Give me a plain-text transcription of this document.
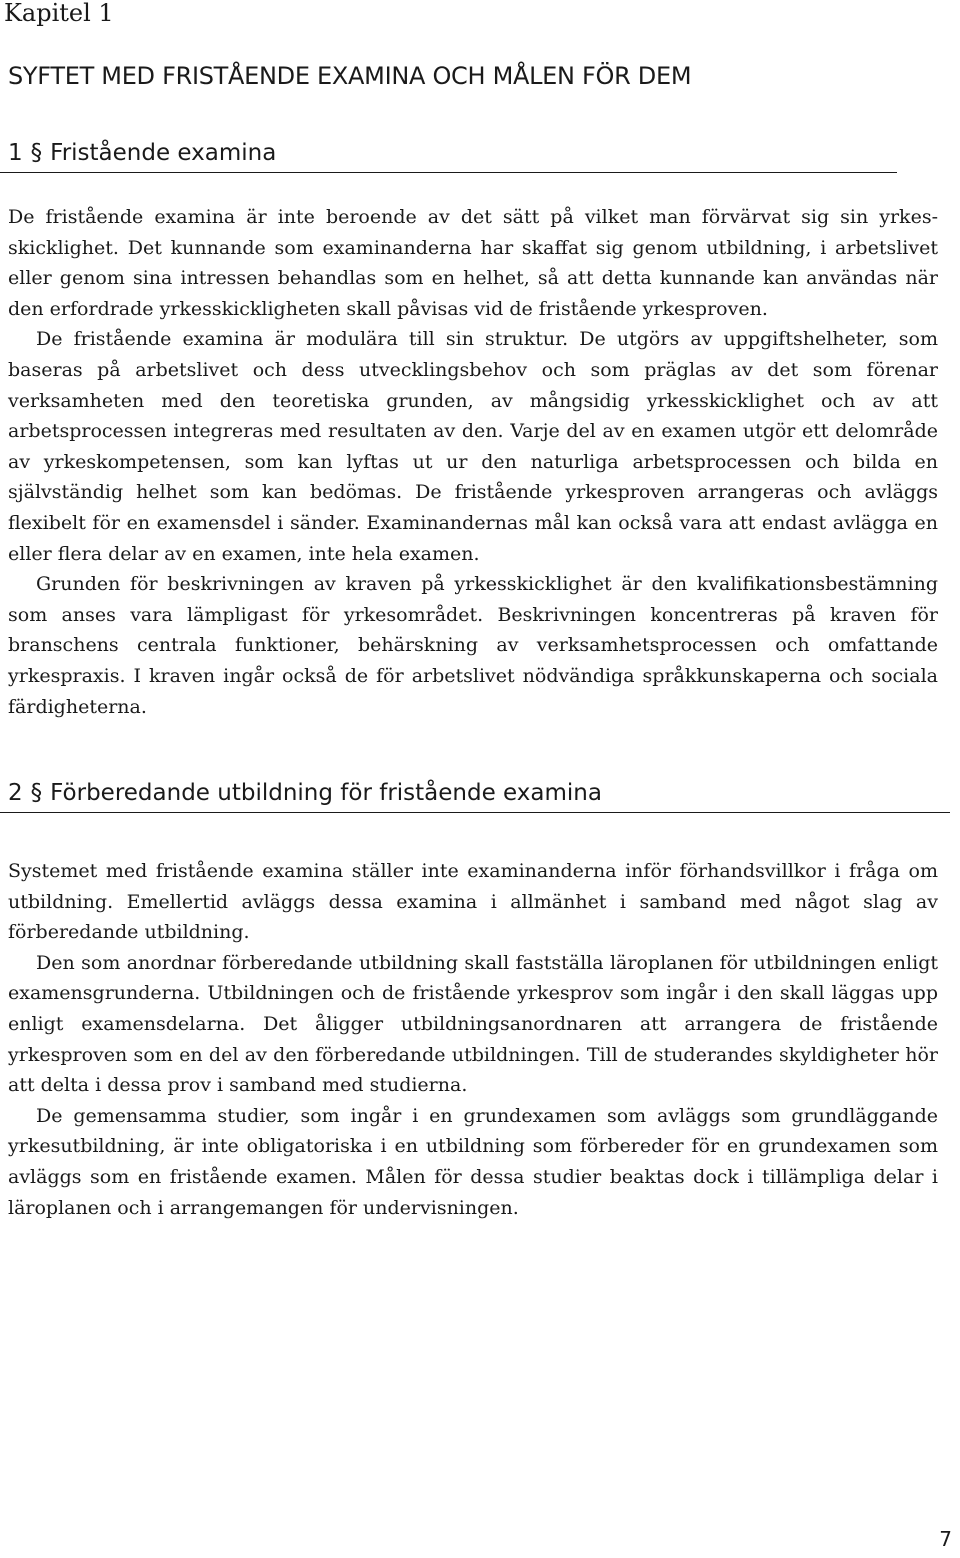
Kapitel 1
SYFTET MED FRISTÅENDE EXAMINA OCH MÅLEN FÖR DEM
1 § Fristående examina

De fristående examina är inte beroende av det sätt på vilket man förvärvat sig sin yrkesskicklighet. Det kunnande som examinanderna har skaffat sig genom utbildning, i arbetslivet eller genom sina intressen behandlas som en helhet, så att detta kunnande kan användas när den erfordrade yrkesskickligheten skall påvisas vid de fristående yrkesproven.

De fristående examina är modulära till sin struktur. De utgörs av uppgiftshelheter, som baseras på arbetslivet och dess utvecklingsbehov och som präglas av det som förenar verksamheten med den teoretiska grunden, av mångsidig yrkesskicklighet och av att arbetsprocessen integreras med resultaten av den. Varje del av en examen utgör ett delområde av yrkeskompetensen, som kan lyftas ut ur den naturliga arbetsprocessen och bilda en självständig helhet som kan bedömas. De fristående yrkesproven arrangeras och avläggs flexibelt för en examensdel i sänder. Examinandernas mål kan också vara att endast avlägga en eller flera delar av en examen, inte hela examen.

Grunden för beskrivningen av kraven på yrkesskicklighet är den kvalifikationsbestämning som anses vara lämpligast för yrkesområdet. Beskrivningen koncentreras på kraven för branschens centrala funktioner, behärskning av verksamhetsprocessen och omfattande yrkespraxis. I kraven ingår också de för arbetslivet nödvändiga språkkunskaperna och sociala färdigheterna.

2 § Förberedande utbildning för fristående examina

Systemet med fristående examina ställer inte examinanderna inför förhandsvillkor i fråga om utbildning. Emellertid avläggs dessa examina i allmänhet i samband med något slag av förberedande utbildning.

Den som anordnar förberedande utbildning skall fastställa läroplanen för utbildningen enligt examensgrunderna. Utbildningen och de fristående yrkesprov som ingår i den skall läggas upp enligt examensdelarna. Det åligger utbildningsanordnaren att arrangera de fristående yrkesproven som en del av den förberedande utbildningen. Till de studerandes skyldigheter hör att delta i dessa prov i samband med studierna.

De gemensamma studier, som ingår i en grundexamen som avläggs som grundläggande yrkesutbildning, är inte obligatoriska i en utbildning som förbereder för en grundexamen som avläggs som en fristående examen. Målen för dessa studier beaktas dock i tillämpliga delar i läroplanen och i arrangemangen för undervisningen.

7
